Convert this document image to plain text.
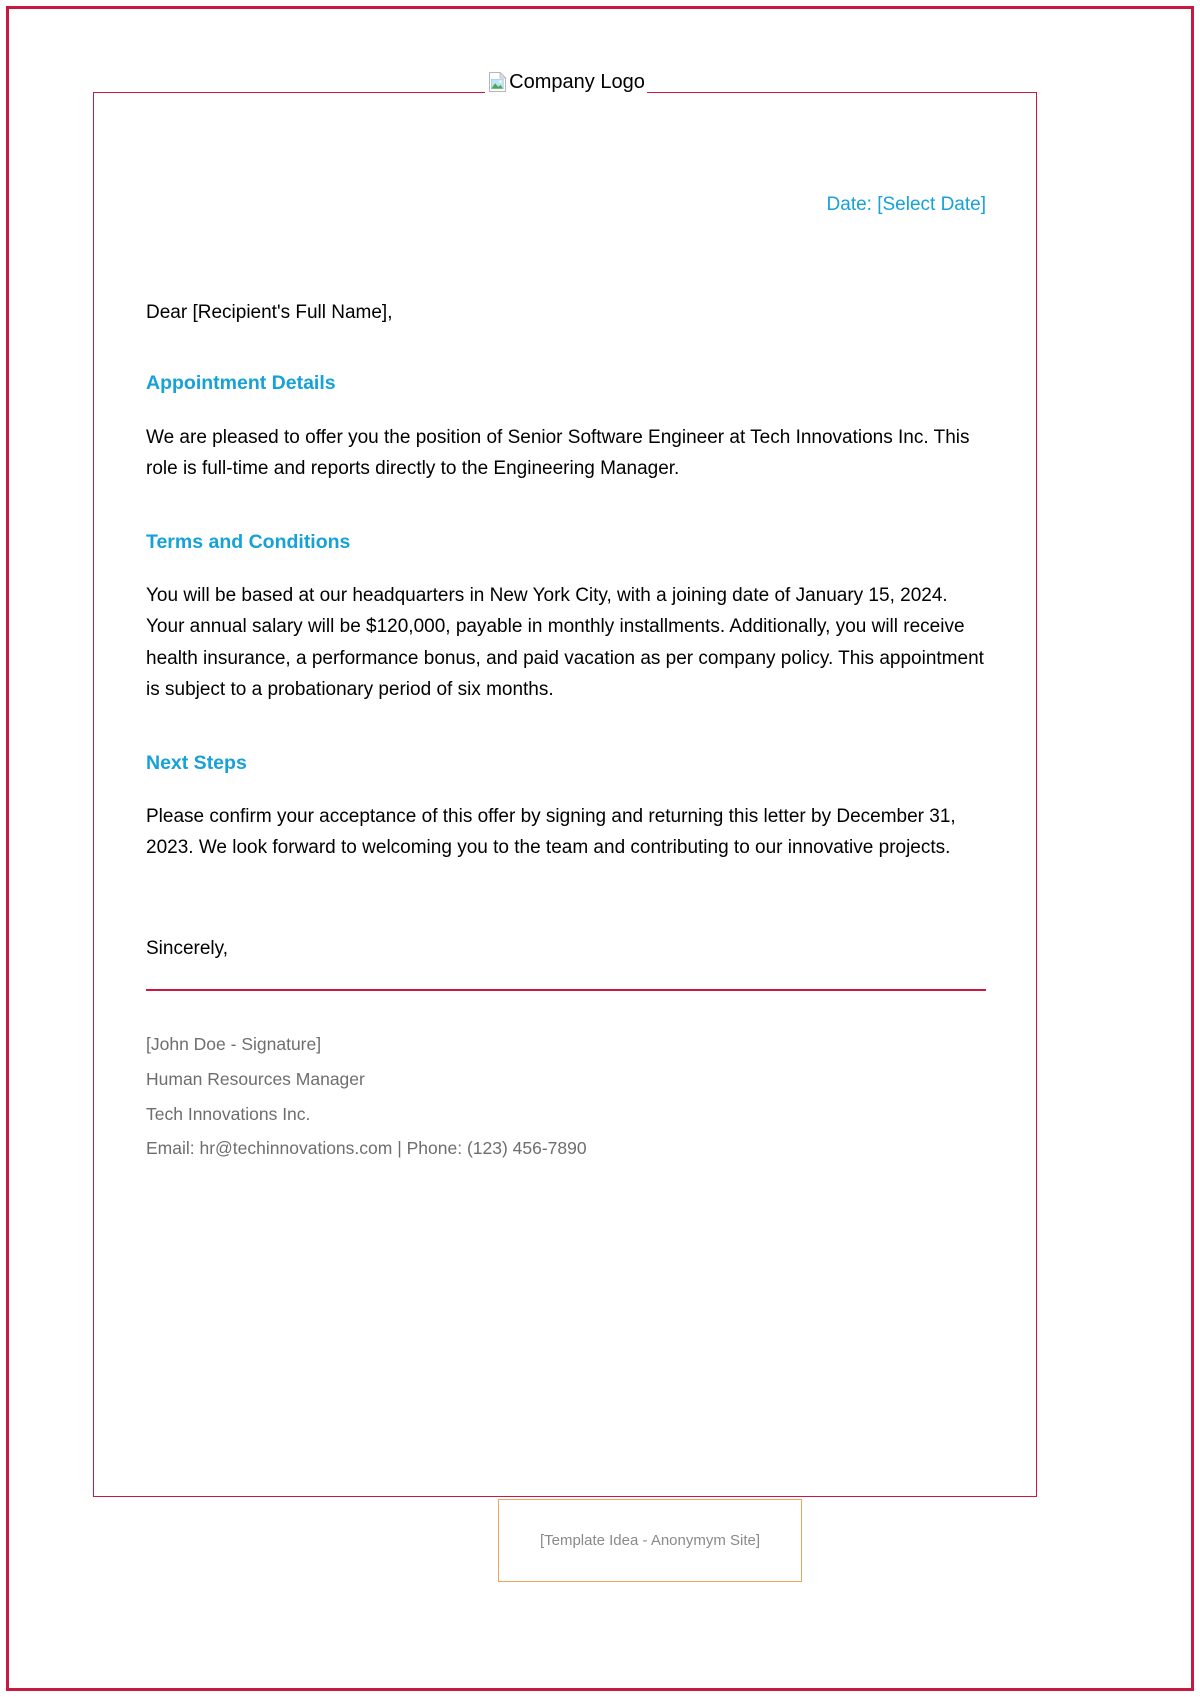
Company Logo
Date: [Select Date]
Dear [Recipient's Full Name],
Appointment Details
We are pleased to offer you the position of Senior Software Engineer at Tech Innovations Inc. This role is full-time and reports directly to the Engineering Manager.
Terms and Conditions
You will be based at our headquarters in New York City, with a joining date of January 15, 2024. Your annual salary will be $120,000, payable in monthly installments. Additionally, you will receive health insurance, a performance bonus, and paid vacation as per company policy. This appointment is subject to a probationary period of six months.
Next Steps
Please confirm your acceptance of this offer by signing and returning this letter by December 31, 2023. We look forward to welcoming you to the team and contributing to our innovative projects.
Sincerely,
[John Doe - Signature]
Human Resources Manager
Tech Innovations Inc.
Email: hr@techinnovations.com | Phone: (123) 456-7890
[Template Idea - Anonymym Site]
